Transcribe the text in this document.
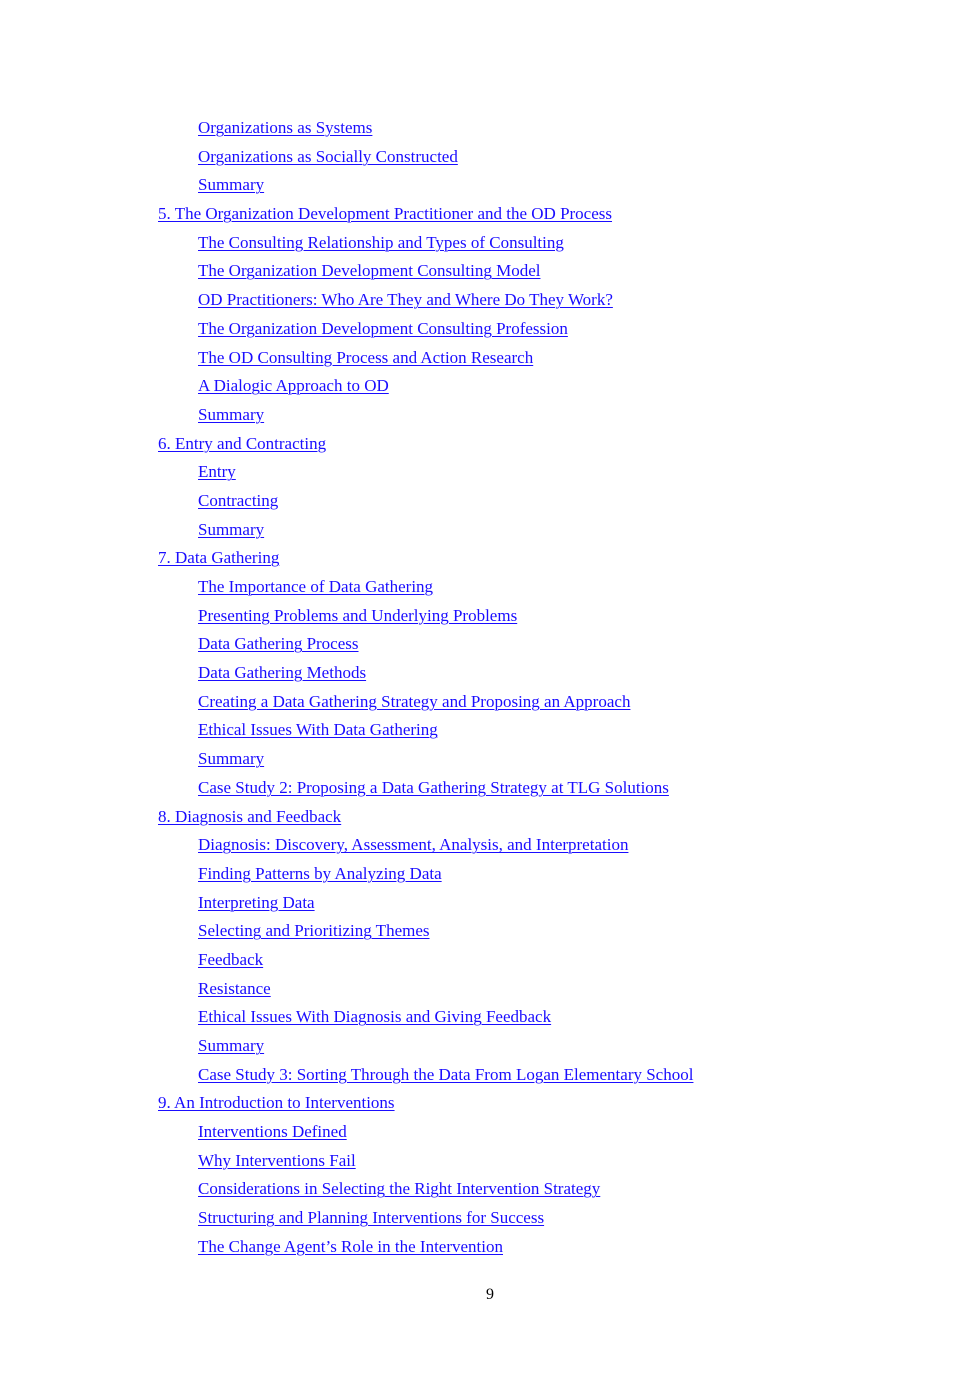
Organizations as Systems
Organizations as Socially Constructed
Summary
5. The Organization Development Practitioner and the OD Process
The Consulting Relationship and Types of Consulting
The Organization Development Consulting Model
OD Practitioners: Who Are They and Where Do They Work?
The Organization Development Consulting Profession
The OD Consulting Process and Action Research
A Dialogic Approach to OD
Summary
6. Entry and Contracting
Entry
Contracting
Summary
7. Data Gathering
The Importance of Data Gathering
Presenting Problems and Underlying Problems
Data Gathering Process
Data Gathering Methods
Creating a Data Gathering Strategy and Proposing an Approach
Ethical Issues With Data Gathering
Summary
Case Study 2: Proposing a Data Gathering Strategy at TLG Solutions
8. Diagnosis and Feedback
Diagnosis: Discovery, Assessment, Analysis, and Interpretation
Finding Patterns by Analyzing Data
Interpreting Data
Selecting and Prioritizing Themes
Feedback
Resistance
Ethical Issues With Diagnosis and Giving Feedback
Summary
Case Study 3: Sorting Through the Data From Logan Elementary School
9. An Introduction to Interventions
Interventions Defined
Why Interventions Fail
Considerations in Selecting the Right Intervention Strategy
Structuring and Planning Interventions for Success
The Change Agent’s Role in the Intervention
9
